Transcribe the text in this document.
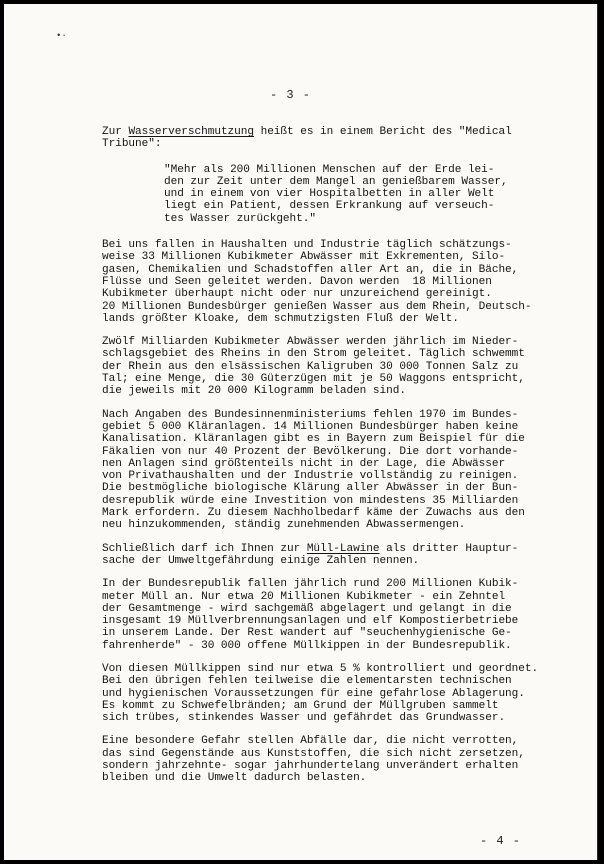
•·
- 3 -

Zur Wasserverschmutzung heißt es in einem Bericht des "Medical
Tribune":

"Mehr als 200 Millionen Menschen auf der Erde lei-
den zur Zeit unter dem Mangel an genießbarem Wasser,
und in einem von vier Hospitalbetten in aller Welt
liegt ein Patient, dessen Erkrankung auf verseuch-
tes Wasser zurückgeht."

Bei uns fallen in Haushalten und Industrie täglich schätzungs-
weise 33 Millionen Kubikmeter Abwässer mit Exkrementen, Silo-
gasen, Chemikalien und Schadstoffen aller Art an, die in Bäche,
Flüsse und Seen geleitet werden. Davon werden  18 Millionen
Kubikmeter überhaupt nicht oder nur unzureichend gereinigt.
20 Millionen Bundesbürger genießen Wasser aus dem Rhein, Deutsch-
lands größter Kloake, dem schmutzigsten Fluß der Welt.

Zwölf Milliarden Kubikmeter Abwässer werden jährlich im Nieder-
schlagsgebiet des Rheins in den Strom geleitet. Täglich schwemmt
der Rhein aus den elsässischen Kaligruben 30 000 Tonnen Salz zu
Tal; eine Menge, die 30 Güterzügen mit je 50 Waggons entspricht,
die jeweils mit 20 000 Kilogramm beladen sind.

Nach Angaben des Bundesinnenministeriums fehlen 1970 im Bundes-
gebiet 5 000 Kläranlagen. 14 Millionen Bundesbürger haben keine
Kanalisation. Kläranlagen gibt es in Bayern zum Beispiel für die
Fäkalien von nur 40 Prozent der Bevölkerung. Die dort vorhande-
nen Anlagen sind größtenteils nicht in der Lage, die Abwässer
von Privathaushalten und der Industrie vollständig zu reinigen.
Die bestmögliche biologische Klärung aller Abwässer in der Bun-
desrepublik würde eine Investition von mindestens 35 Milliarden
Mark erfordern. Zu diesem Nachholbedarf käme der Zuwachs aus den
neu hinzukommenden, ständig zunehmenden Abwassermengen.

Schließlich darf ich Ihnen zur Müll-Lawine als dritter Hauptur-
sache der Umweltgefährdung einige Zahlen nennen.

In der Bundesrepublik fallen jährlich rund 200 Millionen Kubik-
meter Müll an. Nur etwa 20 Millionen Kubikmeter - ein Zehntel
der Gesamtmenge - wird sachgemäß abgelagert und gelangt in die
insgesamt 19 Müllverbrennungsanlagen und elf Kompostierbetriebe
in unserem Lande. Der Rest wandert auf "seuchenhygienische Ge-
fahrenherde" - 30 000 offene Müllkippen in der Bundesrepublik.

Von diesen Müllkippen sind nur etwa 5 % kontrolliert und geordnet.
Bei den übrigen fehlen teilweise die elementarsten technischen
und hygienischen Voraussetzungen für eine gefahrlose Ablagerung.
Es kommt zu Schwefelbränden; am Grund der Müllgruben sammelt
sich trübes, stinkendes Wasser und gefährdet das Grundwasser.

Eine besondere Gefahr stellen Abfälle dar, die nicht verrotten,
das sind Gegenstände aus Kunststoffen, die sich nicht zersetzen,
sondern jahrzehnte- sogar jahrhundertelang unverändert erhalten
bleiben und die Umwelt dadurch belasten.

- 4 -
